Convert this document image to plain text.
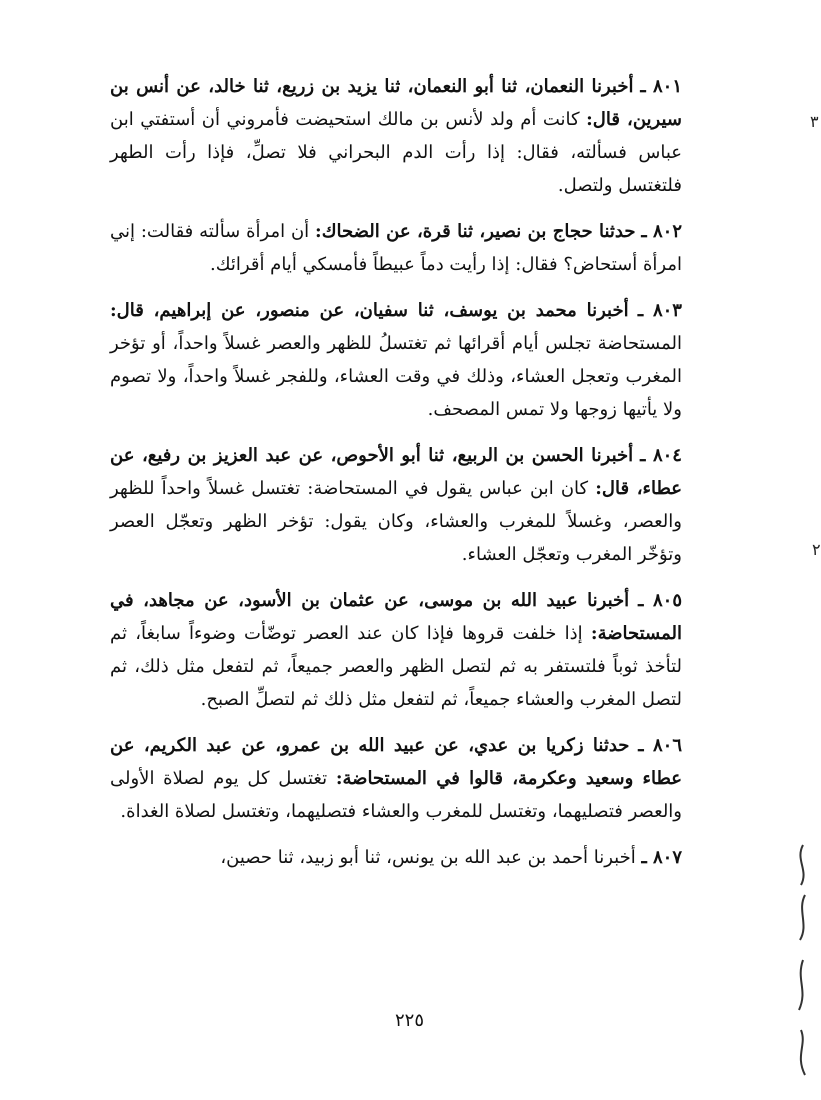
٨٠١ ـ أخبرنا النعمان، ثنا أبو النعمان، ثنا يزيد بن زريع، ثنا خالد، عن أنس بن سيرين، قال: كانت أم ولد لأنس بن مالك استحيضت فأمروني أن أستفتي ابن عباس فسألته، فقال: إذا رأت الدم البحراني فلا تصلِّ، فإذا رأت الطهر فلتغتسل ولتصل.

٨٠٢ ـ حدثنا حجاج بن نصير، ثنا قرة، عن الضحاك: أن امرأة سألته فقالت: إني امرأة أستحاض؟ فقال: إذا رأيت دماً عبيطاً فأمسكي أيام أقرائك.

٨٠٣ ـ أخبرنا محمد بن يوسف، ثنا سفيان، عن منصور، عن إبراهيم، قال: المستحاضة تجلس أيام أقرائها ثم تغتسلُ للظهر والعصر غسلاً واحداً، أو تؤخر المغرب وتعجل العشاء، وذلك في وقت العشاء، وللفجر غسلاً واحداً، ولا تصوم ولا يأتيها زوجها ولا تمس المصحف.

٨٠٤ ـ أخبرنا الحسن بن الربيع، ثنا أبو الأحوص، عن عبد العزيز بن رفيع، عن عطاء، قال: كان ابن عباس يقول في المستحاضة: تغتسل غسلاً واحداً للظهر والعصر، وغسلاً للمغرب والعشاء، وكان يقول: تؤخر الظهر وتعجّل العصر وتؤخّر المغرب وتعجّل العشاء.

٨٠٥ ـ أخبرنا عبيد الله بن موسى، عن عثمان بن الأسود، عن مجاهد، في المستحاضة: إذا خلفت قروها فإذا كان عند العصر توضّأت وضوءاً سابغاً، ثم لتأخذ ثوباً فلتستفر به ثم لتصل الظهر والعصر جميعاً، ثم لتفعل مثل ذلك، ثم لتصل المغرب والعشاء جميعاً، ثم لتفعل مثل ذلك ثم لتصلِّ الصبح.

٨٠٦ ـ حدثنا زكريا بن عدي، عن عبيد الله بن عمرو، عن عبد الكريم، عن عطاء وسعيد وعكرمة، قالوا في المستحاضة: تغتسل كل يوم لصلاة الأولى والعصر فتصليهما، وتغتسل للمغرب والعشاء فتصليهما، وتغتسل لصلاة الغداة.

٨٠٧ ـ أخبرنا أحمد بن عبد الله بن يونس، ثنا أبو زبيد، ثنا حصين،

٢٢٥
٣
٢
